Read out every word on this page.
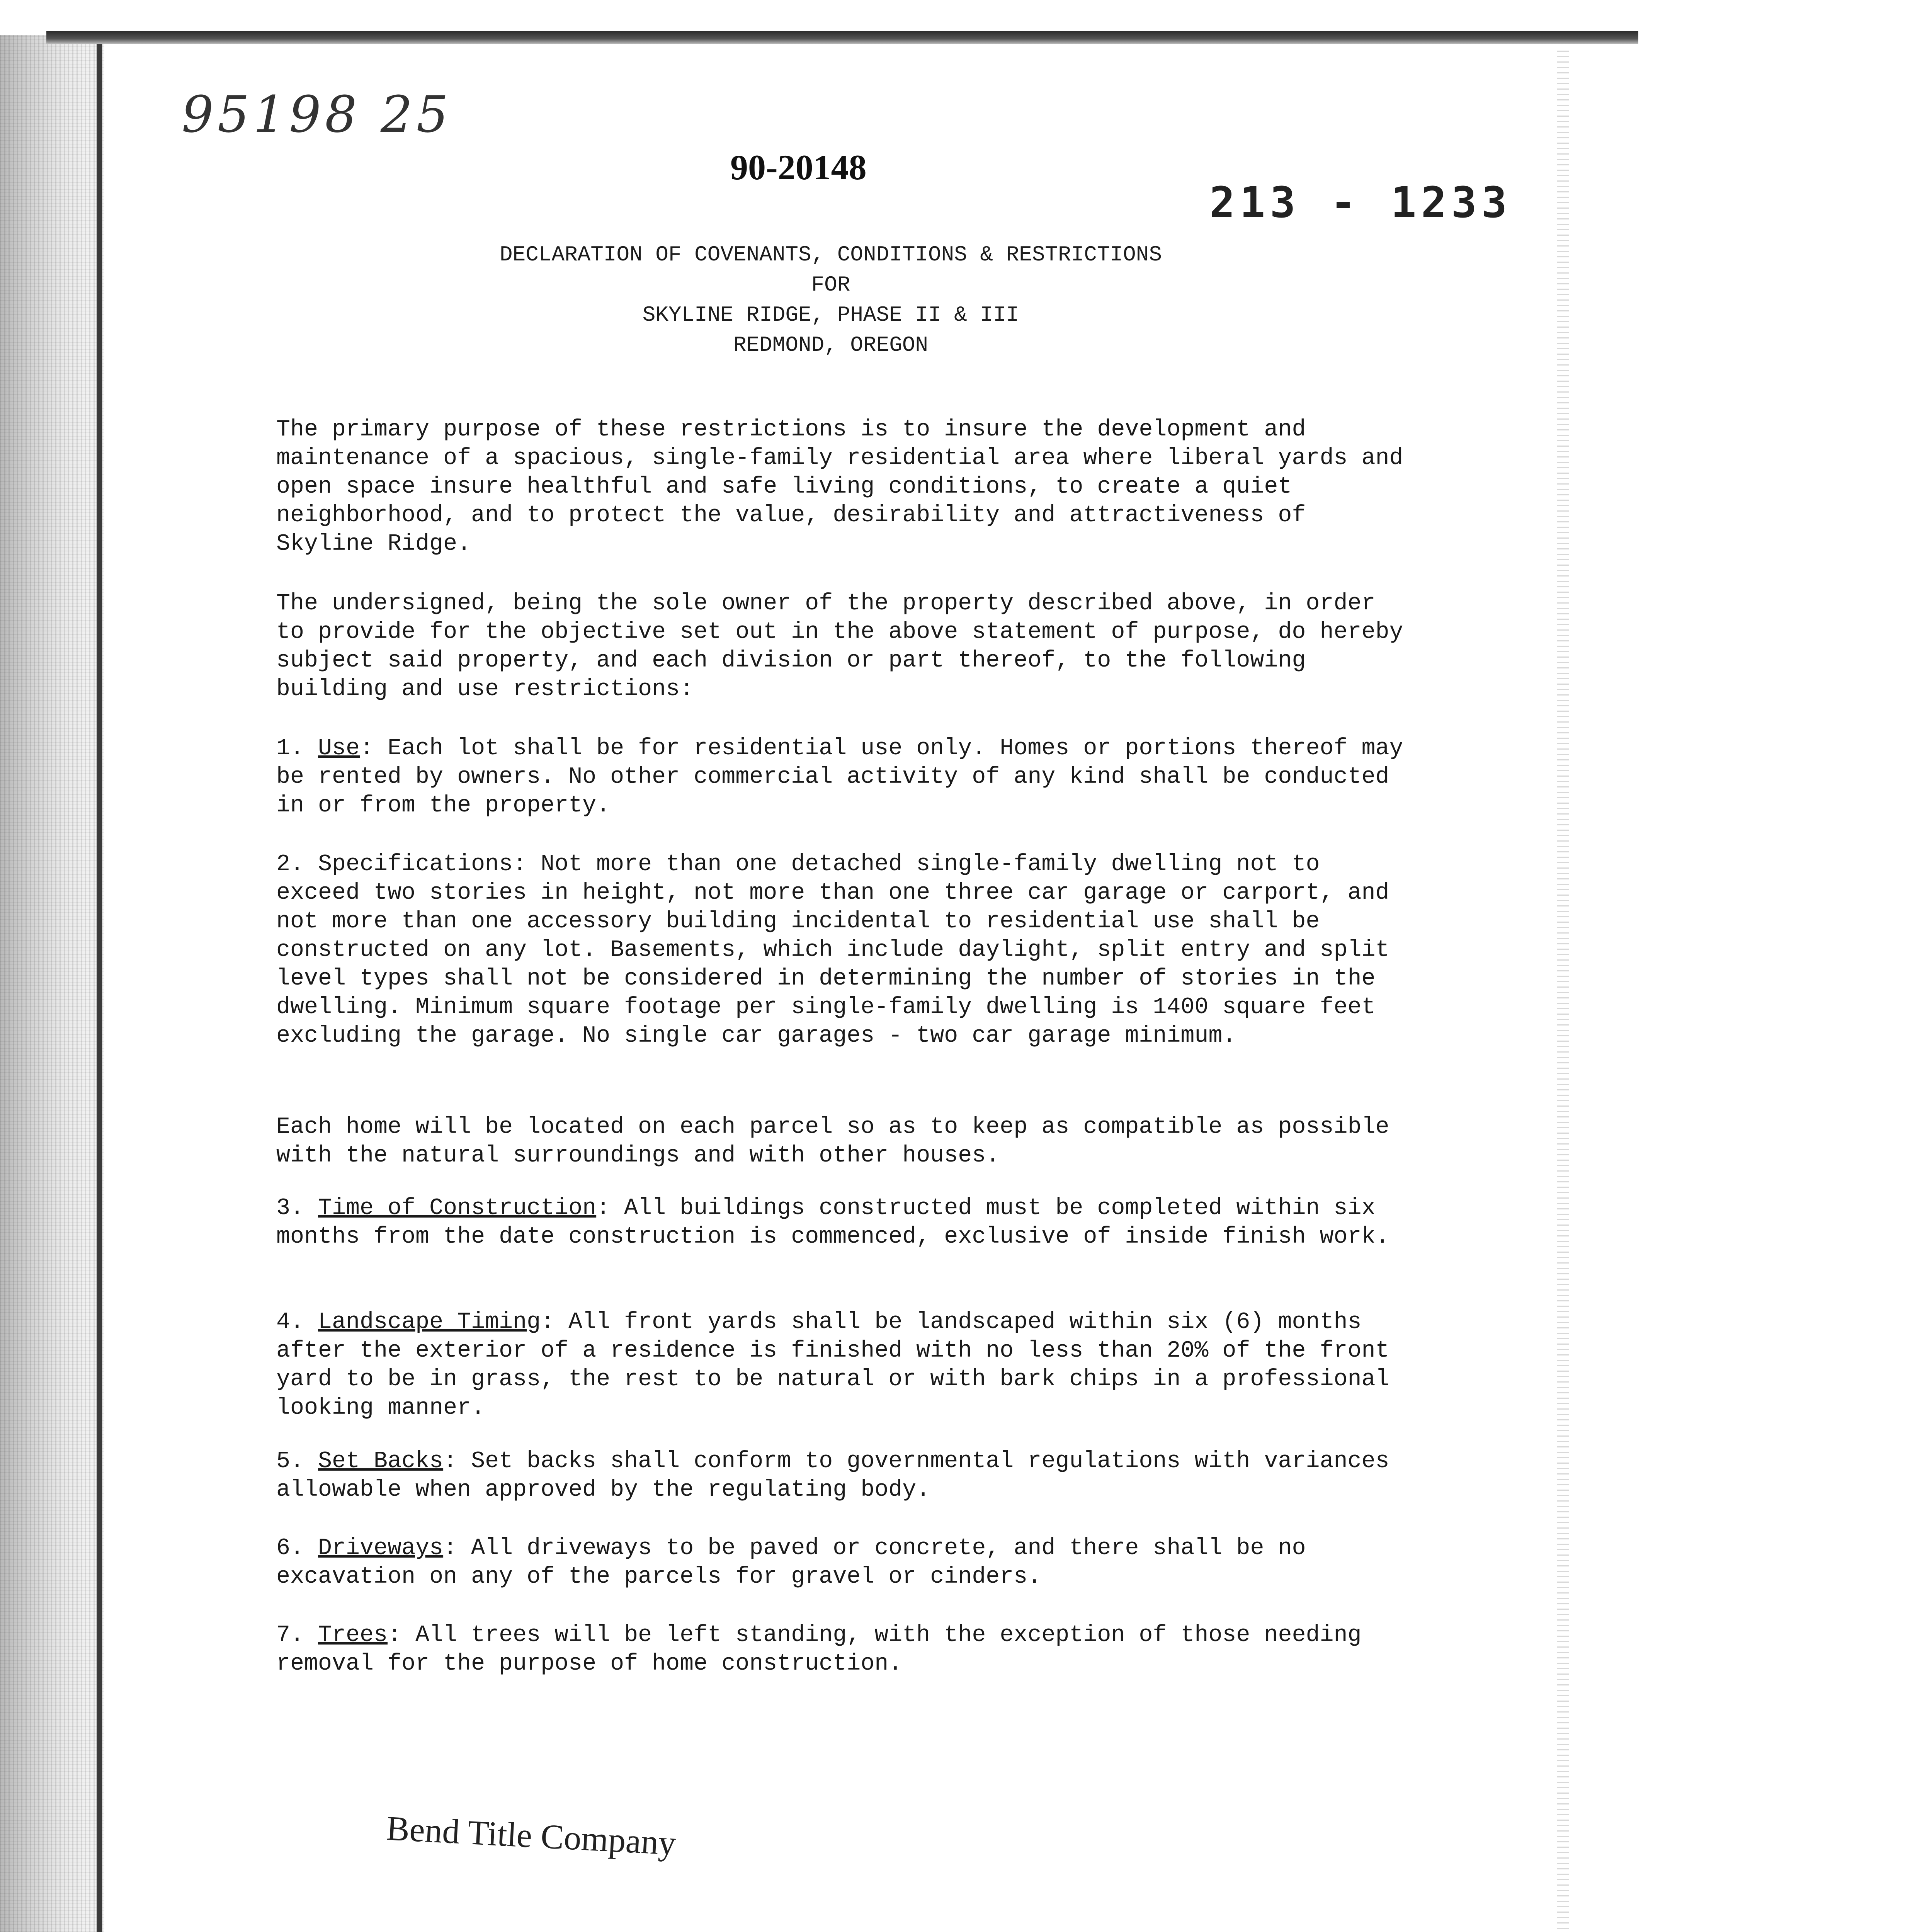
95198 25
90-20148
213 - 1233
DECLARATION OF COVENANTS, CONDITIONS & RESTRICTIONS
FOR
SKYLINE RIDGE, PHASE II & III
REDMOND, OREGON

The primary purpose of these restrictions is to insure the development and maintenance of a spacious, single-family residential area where liberal yards and open space insure healthful and safe living conditions, to create a quiet neighborhood, and to protect the value, desirability and attractiveness of Skyline Ridge.

The undersigned, being the sole owner of the property described above, in order to provide for the objective set out in the above statement of purpose, do hereby subject said property, and each division or part thereof, to the following building and use restrictions:

1. Use: Each lot shall be for residential use only. Homes or portions thereof may be rented by owners. No other commercial activity of any kind shall be conducted in or from the property.

2. Specifications: Not more than one detached single-family dwelling not to exceed two stories in height, not more than one three car garage or carport, and not more than one accessory building incidental to residential use shall be constructed on any lot. Basements, which include daylight, split entry and split level types shall not be considered in determining the number of stories in the dwelling. Minimum square footage per single-family dwelling is 1400 square feet excluding the garage. No single car garages - two car garage minimum.

Each home will be located on each parcel so as to keep as compatible as possible with the natural surroundings and with other houses.

3. Time of Construction: All buildings constructed must be completed within six months from the date construction is commenced, exclusive of inside finish work.

4. Landscape Timing: All front yards shall be landscaped within six (6) months after the exterior of a residence is finished with no less than 20% of the front yard to be in grass, the rest to be natural or with bark chips in a professional looking manner.

5. Set Backs: Set backs shall conform to governmental regulations with variances allowable when approved by the regulating body.

6. Driveways: All driveways to be paved or concrete, and there shall be no excavation on any of the parcels for gravel or cinders.

7. Trees: All trees will be left standing, with the exception of those needing removal for the purpose of home construction.

Bend Title Company
